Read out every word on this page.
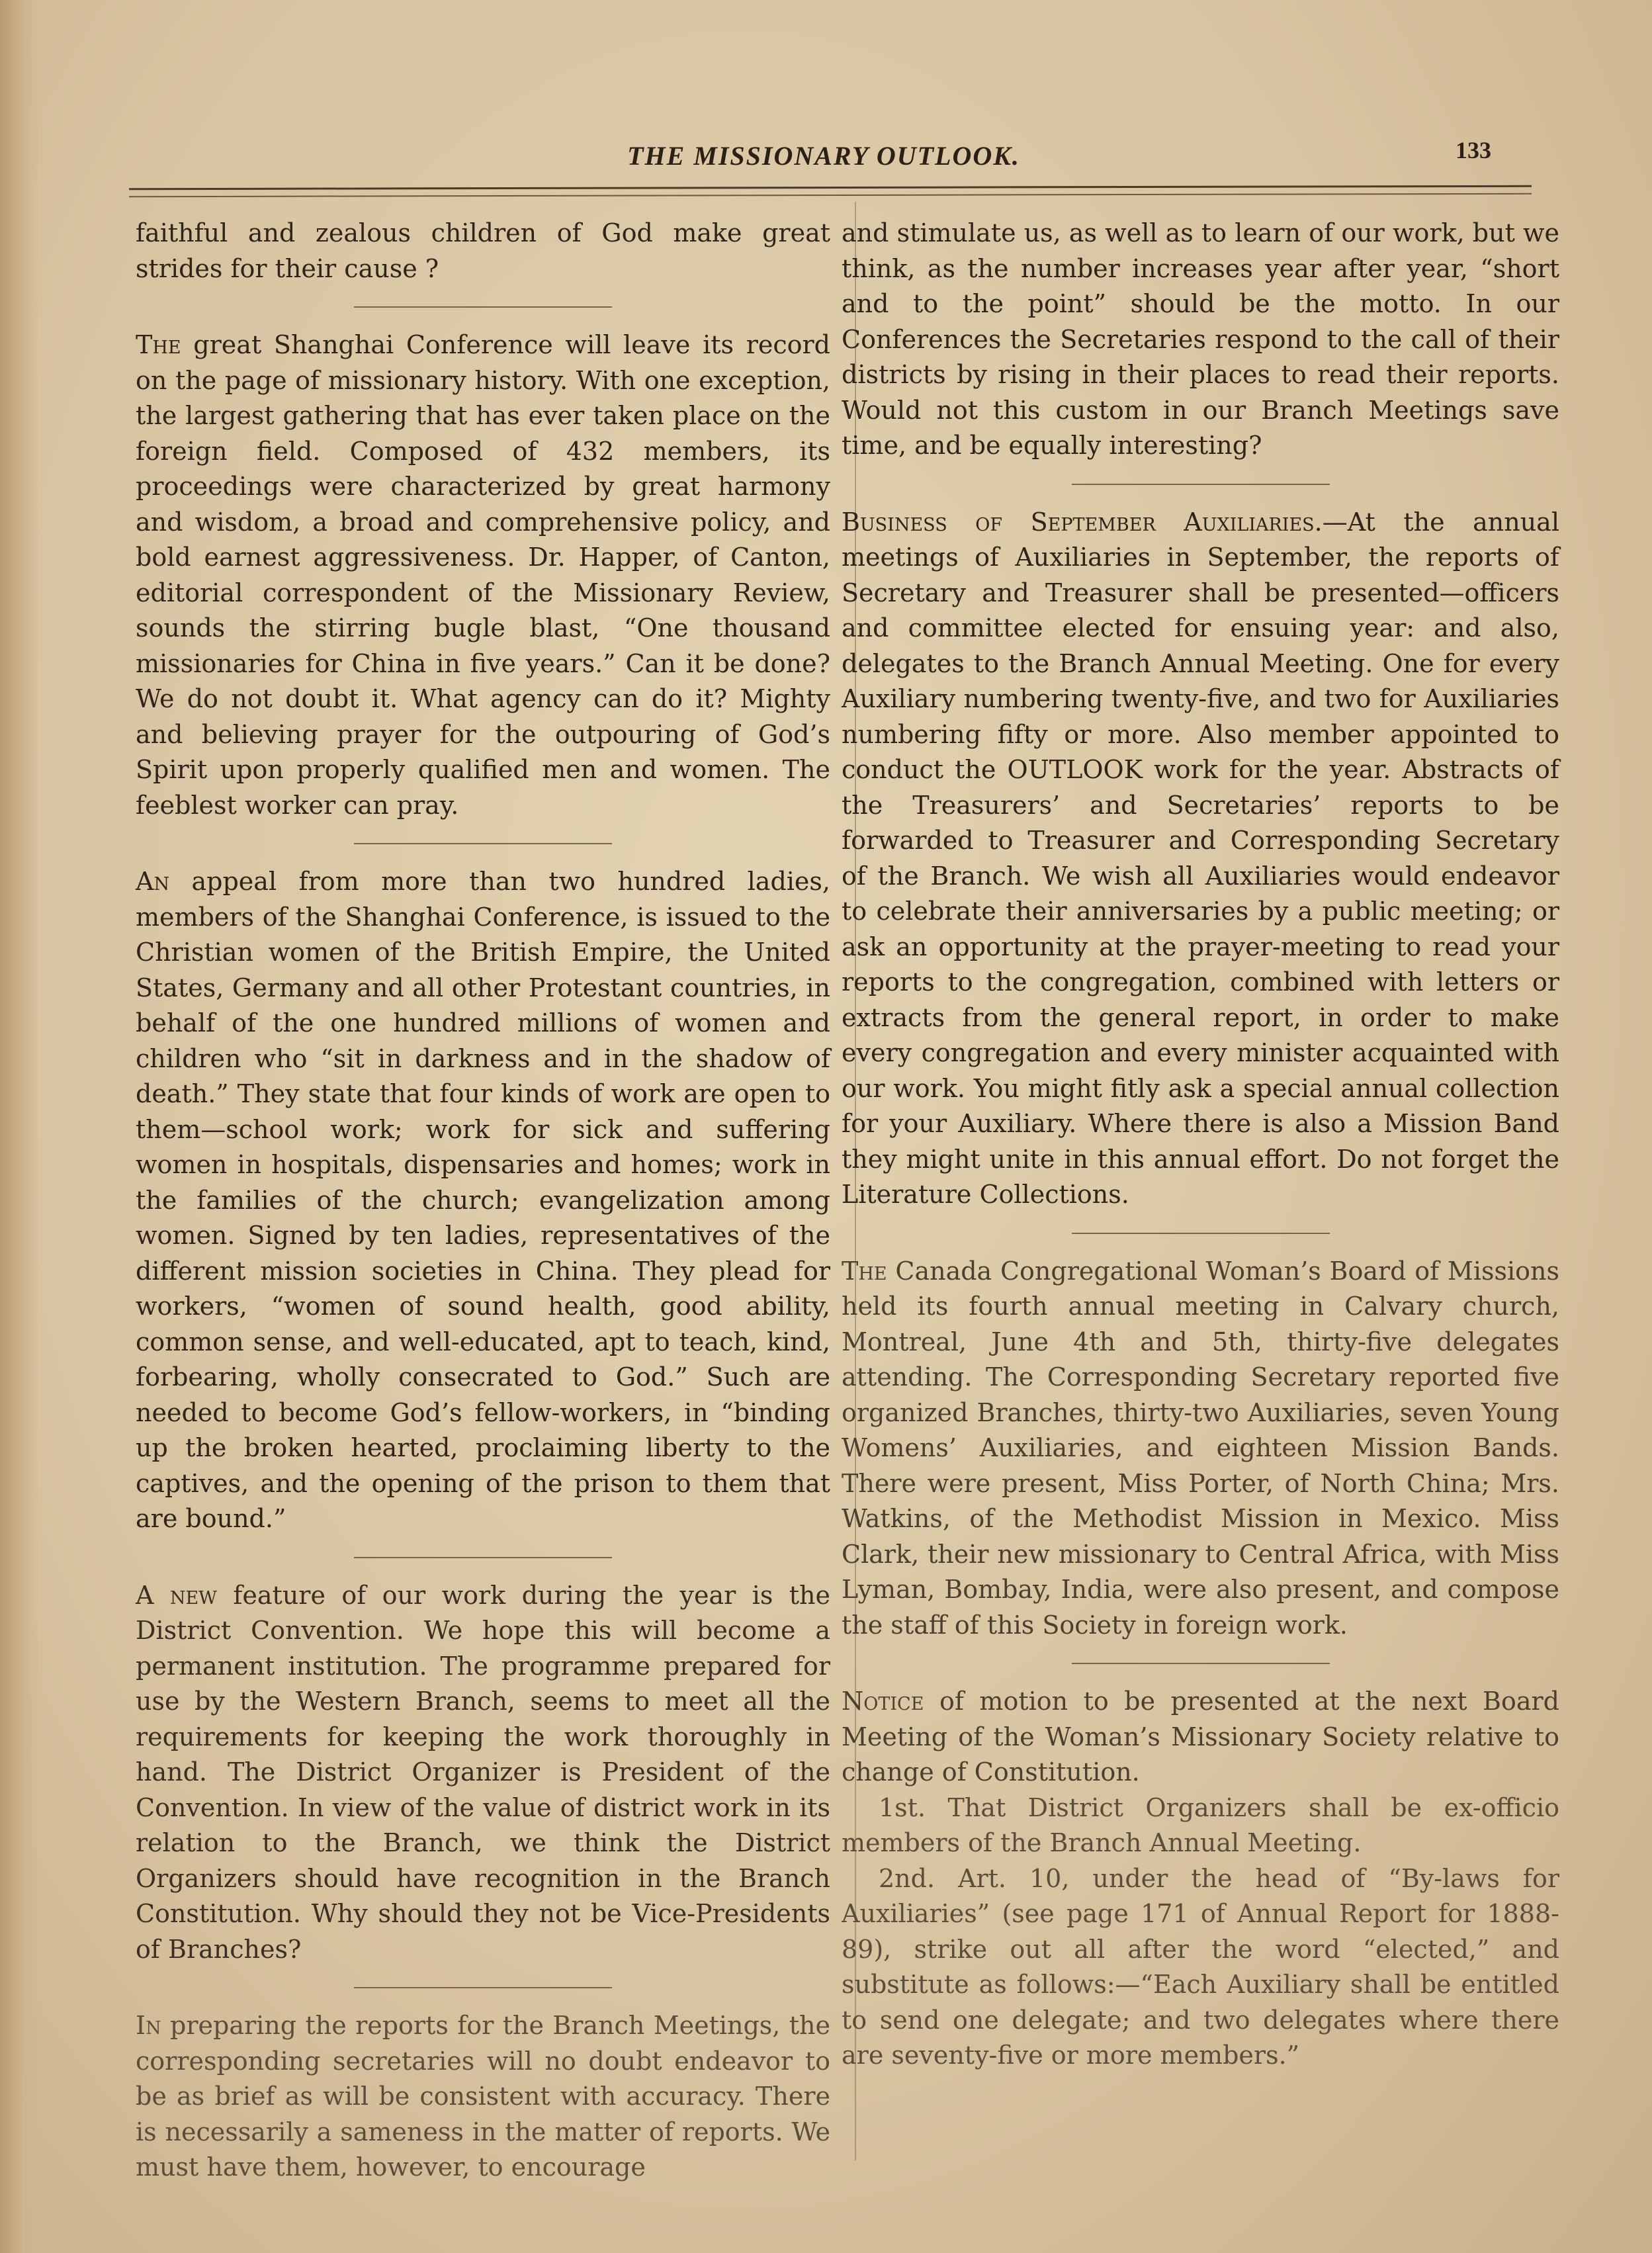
THE MISSIONARY OUTLOOK.	133

faithful and zealous children of God make great strides for their cause ?

The great Shanghai Conference will leave its record on the page of missionary history. With one exception, the largest gathering that has ever taken place on the foreign field. Composed of 432 members, its proceedings were characterized by great harmony and wisdom, a broad and comprehensive policy, and bold earnest aggressiveness. Dr. Happer, of Canton, editorial correspondent of the Missionary Review, sounds the stirring bugle blast, “One thousand missionaries for China in five years.” Can it be done? We do not doubt it. What agency can do it? Mighty and believing prayer for the outpouring of God’s Spirit upon properly qualified men and women. The feeblest worker can pray.

An appeal from more than two hundred ladies, members of the Shanghai Conference, is issued to the Christian women of the British Empire, the United States, Germany and all other Protestant countries, in behalf of the one hundred millions of women and children who “sit in darkness and in the shadow of death.” They state that four kinds of work are open to them—school work; work for sick and suffering women in hospitals, dispensaries and homes; work in the families of the church; evangelization among women. Signed by ten ladies, representatives of the different mission societies in China. They plead for workers, “women of sound health, good ability, common sense, and well-educated, apt to teach, kind, forbearing, wholly consecrated to God.” Such are needed to become God’s fellow-workers, in “binding up the broken hearted, proclaiming liberty to the captives, and the opening of the prison to them that are bound.”

A new feature of our work during the year is the District Convention. We hope this will become a permanent institution. The programme prepared for use by the Western Branch, seems to meet all the requirements for keeping the work thoroughly in hand. The District Organizer is President of the Convention. In view of the value of district work in its relation to the Branch, we think the District Organizers should have recognition in the Branch Constitution. Why should they not be Vice-Presidents of Branches?

In preparing the reports for the Branch Meetings, the corresponding secretaries will no doubt endeavor to be as brief as will be consistent with accuracy. There is necessarily a sameness in the matter of reports. We must have them, however, to encourage

and stimulate us, as well as to learn of our work, but we think, as the number increases year after year, “short and to the point” should be the motto. In our Conferences the Secretaries respond to the call of their districts by rising in their places to read their reports. Would not this custom in our Branch Meetings save time, and be equally interesting?

Business of September Auxiliaries.—At the annual meetings of Auxiliaries in September, the reports of Secretary and Treasurer shall be presented—officers and committee elected for ensuing year: and also, delegates to the Branch Annual Meeting. One for every Auxiliary numbering twenty-five, and two for Auxiliaries numbering fifty or more. Also member appointed to conduct the OUTLOOK work for the year. Abstracts of the Treasurers’ and Secretaries’ reports to be forwarded to Treasurer and Corresponding Secretary of the Branch. We wish all Auxiliaries would endeavor to celebrate their anniversaries by a public meeting; or ask an opportunity at the prayer-meeting to read your reports to the congregation, combined with letters or extracts from the general report, in order to make every congregation and every minister acquainted with our work. You might fitly ask a special annual collection for your Auxiliary. Where there is also a Mission Band they might unite in this annual effort. Do not forget the Literature Collections.

The Canada Congregational Woman’s Board of Missions held its fourth annual meeting in Calvary church, Montreal, June 4th and 5th, thirty-five delegates attending. The Corresponding Secretary reported five organized Branches, thirty-two Auxiliaries, seven Young Womens’ Auxiliaries, and eighteen Mission Bands. There were present, Miss Porter, of North China; Mrs. Watkins, of the Methodist Mission in Mexico. Miss Clark, their new missionary to Central Africa, with Miss Lyman, Bombay, India, were also present, and compose the staff of this Society in foreign work.

Notice of motion to be presented at the next Board Meeting of the Woman’s Missionary Society relative to change of Constitution.

1st. That District Organizers shall be ex-officio members of the Branch Annual Meeting.

2nd. Art. 10, under the head of “By-laws for Auxiliaries” (see page 171 of Annual Report for 1888-89), strike out all after the word “elected,” and substitute as follows:—“Each Auxiliary shall be entitled to send one delegate; and two delegates where there are seventy-five or more members.”
